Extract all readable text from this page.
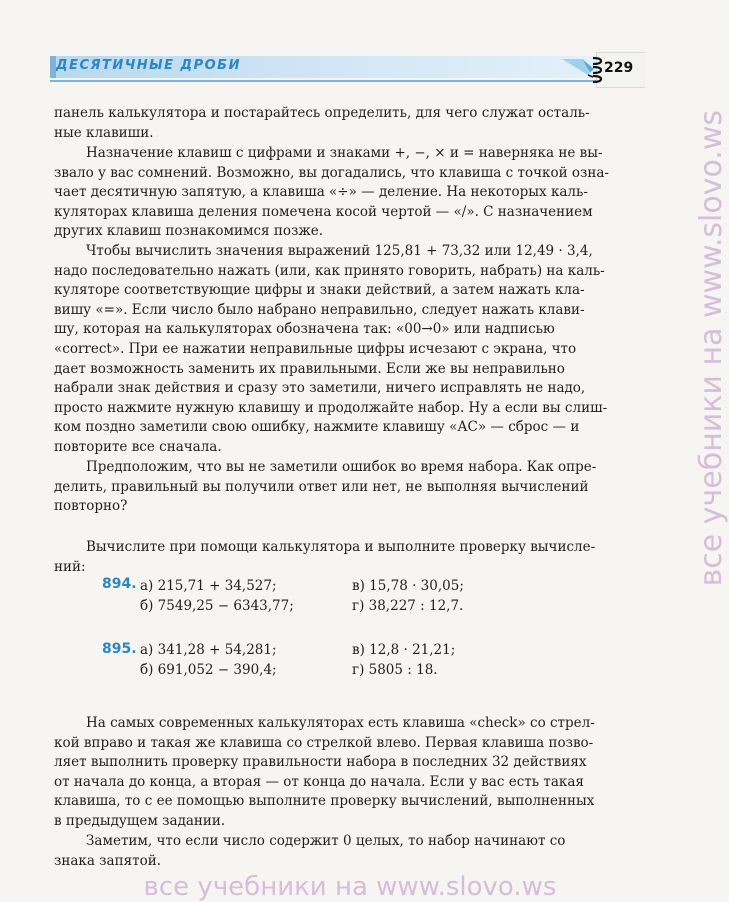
ДЕСЯТИЧНЫЕ ДРОБИ	229

панель калькулятора и постарайтесь определить, для чего служат осталь-
ные клавиши.

Назначение клавиш с цифрами и знаками +, −, × и = наверняка не вы-
звало у вас сомнений. Возможно, вы догадались, что клавиша с точкой озна-
чает десятичную запятую, а клавиша «÷» — деление. На некоторых каль-
куляторах клавиша деления помечена косой чертой — «/». С назначением
других клавиш познакомимся позже.

Чтобы вычислить значения выражений 125,81 + 73,32 или 12,49 · 3,4,
надо последовательно нажать (или, как принято говорить, набрать) на каль-
куляторе соответствующие цифры и знаки действий, а затем нажать кла-
вишу «=». Если число было набрано неправильно, следует нажать клави-
шу, которая на калькуляторах обозначена так: «00→0» или надписью
«correct». При ее нажатии неправильные цифры исчезают с экрана, что
дает возможность заменить их правильными. Если же вы неправильно
набрали знак действия и сразу это заметили, ничего исправлять не надо,
просто нажмите нужную клавишу и продолжайте набор. Ну а если вы слиш-
ком поздно заметили свою ошибку, нажмите клавишу «АС» — сброс — и
повторите все сначала.

Предположим, что вы не заметили ошибок во время набора. Как опре-
делить, правильный вы получили ответ или нет, не выполняя вычислений
повторно?

Вычислите при помощи калькулятора и выполните проверку вычисле-
ний:

894. а) 215,71 + 34,527;
б) 7549,25 − 6343,77;
в) 15,78 · 30,05;
г) 38,227 : 12,7.
895. а) 341,28 + 54,281;
б) 691,052 − 390,4;
в) 12,8 · 21,21;
г) 5805 : 18.

На самых современных калькуляторах есть клавиша «check» со стрел-
кой вправо и такая же клавиша со стрелкой влево. Первая клавиша позво-
ляет выполнить проверку правильности набора в последних 32 действиях
от начала до конца, а вторая — от конца до начала. Если у вас есть такая
клавиша, то с ее помощью выполните проверку вычислений, выполненных
в предыдущем задании.

Заметим, что если число содержит 0 целых, то набор начинают со
знака запятой.

все учебники на www.slovo.ws
все учебники на www.slovo.ws
